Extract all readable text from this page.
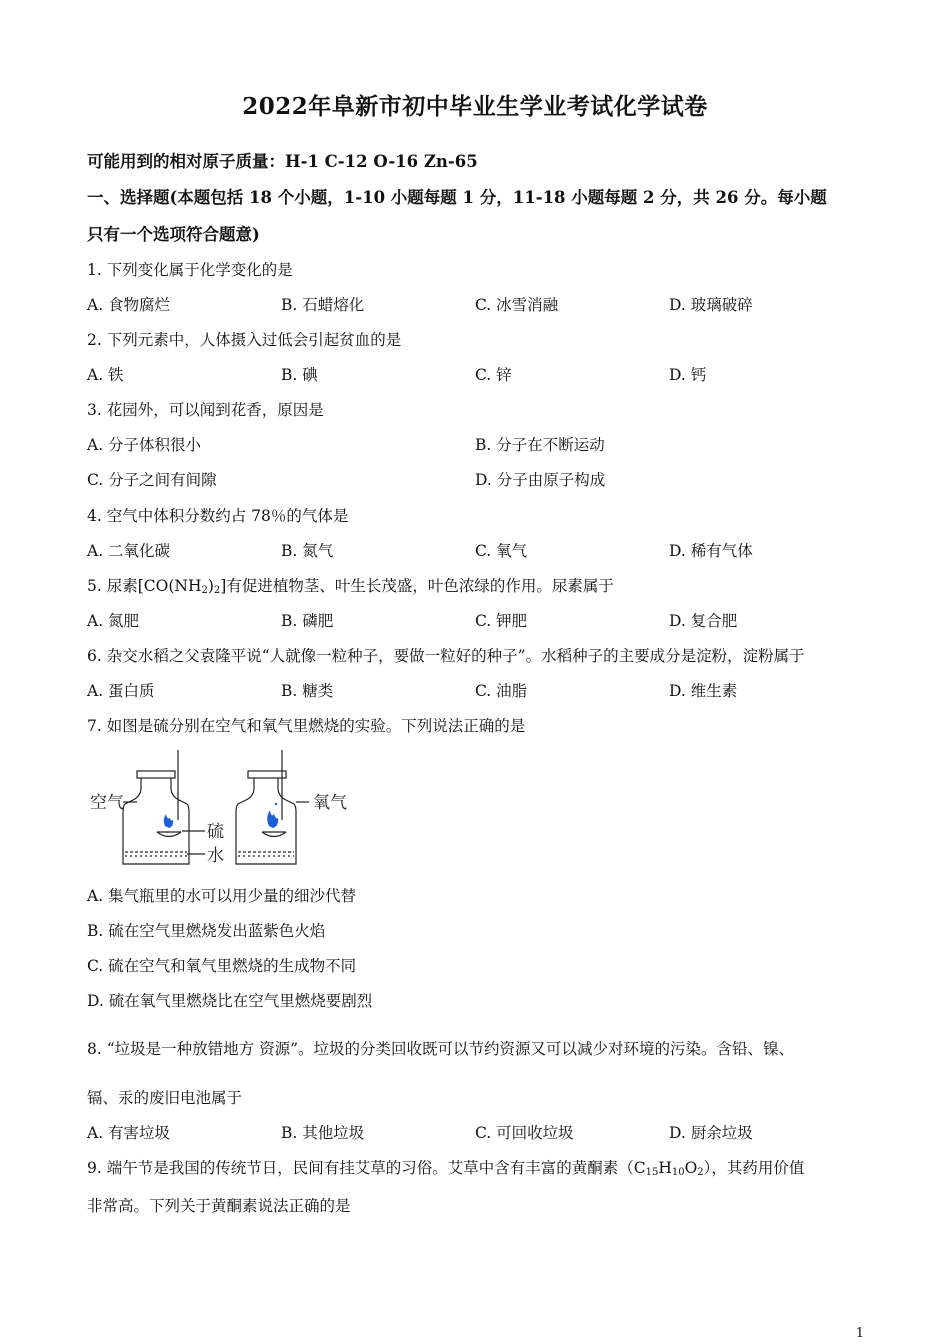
2022年阜新市初中毕业生学业考试化学试卷
可能用到的相对原子质量：H-1 C-12 O-16 Zn-65
一、选择题(本题包括 18 个小题，1-10 小题每题 1 分，11-18 小题每题 2 分，共 26 分。每小题
只有一个选项符合题意)
1. 下列变化属于化学变化的是
A. 食物腐烂	B. 石蜡熔化	C. 冰雪消融	D. 玻璃破碎
2. 下列元素中，人体摄入过低会引起贫血的是
A. 铁	B. 碘	C. 锌	D. 钙
3. 花园外，可以闻到花香，原因是
A. 分子体积很小	B. 分子在不断运动
C. 分子之间有间隙	D. 分子由原子构成
4. 空气中体积分数约占 78％的气体是
A. 二氧化碳	B. 氮气	C. 氧气	D. 稀有气体
5. 尿素$[CO(NH_2)_2]$有促进植物茎、叶生长茂盛，叶色浓绿的作用。尿素属于
A. 氮肥	B. 磷肥	C. 钾肥	D. 复合肥
6. 杂交水稻之父袁隆平说“人就像一粒种子，要做一粒好的种子”。水稻种子的主要成分是淀粉，淀粉属于
A. 蛋白质	B. 糖类	C. 油脂	D. 维生素
7. 如图是硫分别在空气和氧气里燃烧的实验。下列说法正确的是
空气	氧气
硫
水
A. 集气瓶里的水可以用少量的细沙代替
B. 硫在空气里燃烧发出蓝紫色火焰
C. 硫在空气和氧气里燃烧的生成物不同
D. 硫在氧气里燃烧比在空气里燃烧要剧烈
8. “垃圾是一种放错地方 资源”。垃圾的分类回收既可以节约资源又可以减少对环境的污染。含铅、镍、
镉、汞的废旧电池属于
A. 有害垃圾	B. 其他垃圾	C. 可回收垃圾	D. 厨余垃圾
9. 端午节是我国的传统节日，民间有挂艾草的习俗。艾草中含有丰富的黄酮素$(C_{15}H_{10}O_2)$，其药用价值
非常高。下列关于黄酮素说法正确的是
1
